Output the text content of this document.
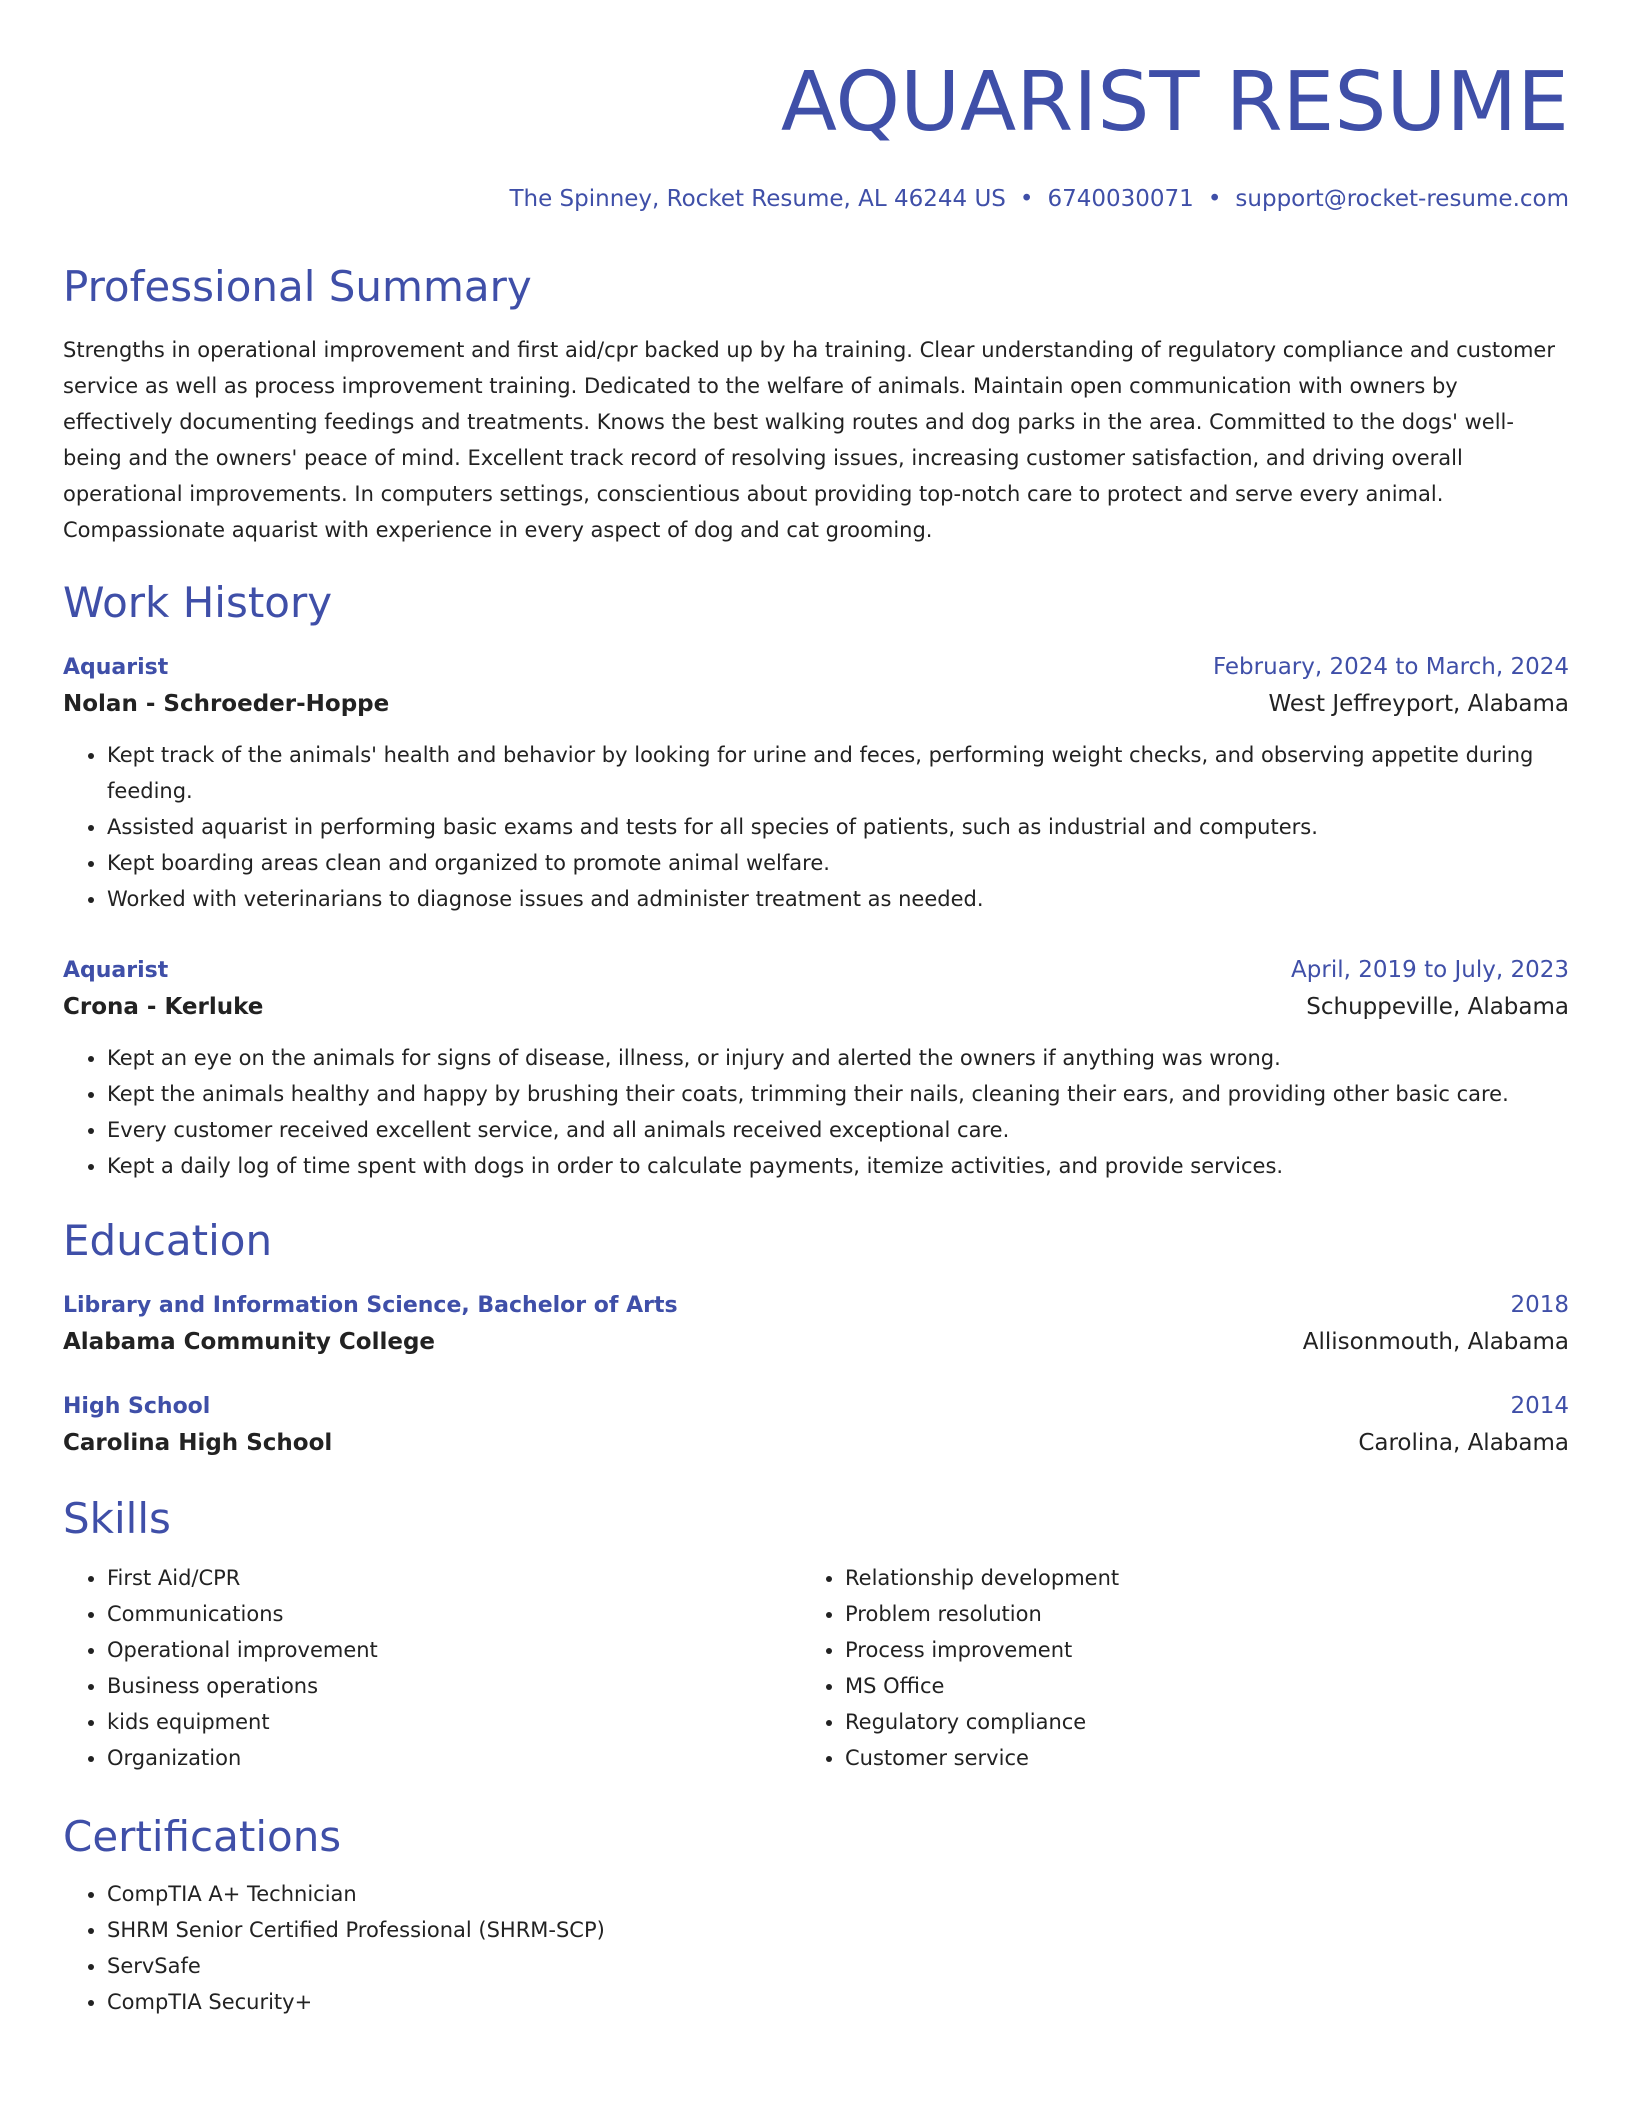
AQUARIST RESUME
The Spinney, Rocket Resume, AL 46244 US • 6740030071 • support@rocket-resume.com
Professional Summary
Strengths in operational improvement and first aid/cpr backed up by ha training. Clear understanding of regulatory compliance and customer service as well as process improvement training. Dedicated to the welfare of animals. Maintain open communication with owners by effectively documenting feedings and treatments. Knows the best walking routes and dog parks in the area. Committed to the dogs' well-being and the owners' peace of mind. Excellent track record of resolving issues, increasing customer satisfaction, and driving overall operational improvements. In computers settings, conscientious about providing top-notch care to protect and serve every animal. Compassionate aquarist with experience in every aspect of dog and cat grooming.
Work History
Aquarist	February, 2024 to March, 2024
Nolan - Schroeder-Hoppe	West Jeffreyport, Alabama
• Kept track of the animals' health and behavior by looking for urine and feces, performing weight checks, and observing appetite during feeding.
• Assisted aquarist in performing basic exams and tests for all species of patients, such as industrial and computers.
• Kept boarding areas clean and organized to promote animal welfare.
• Worked with veterinarians to diagnose issues and administer treatment as needed.
Aquarist	April, 2019 to July, 2023
Crona - Kerluke	Schuppeville, Alabama
• Kept an eye on the animals for signs of disease, illness, or injury and alerted the owners if anything was wrong.
• Kept the animals healthy and happy by brushing their coats, trimming their nails, cleaning their ears, and providing other basic care.
• Every customer received excellent service, and all animals received exceptional care.
• Kept a daily log of time spent with dogs in order to calculate payments, itemize activities, and provide services.
Education
Library and Information Science, Bachelor of Arts	2018
Alabama Community College	Allisonmouth, Alabama
High School	2014
Carolina High School	Carolina, Alabama
Skills
• First Aid/CPR
• Communications
• Operational improvement
• Business operations
• kids equipment
• Organization
• Relationship development
• Problem resolution
• Process improvement
• MS Office
• Regulatory compliance
• Customer service
Certifications
• CompTIA A+ Technician
• SHRM Senior Certified Professional (SHRM-SCP)
• ServSafe
• CompTIA Security+
